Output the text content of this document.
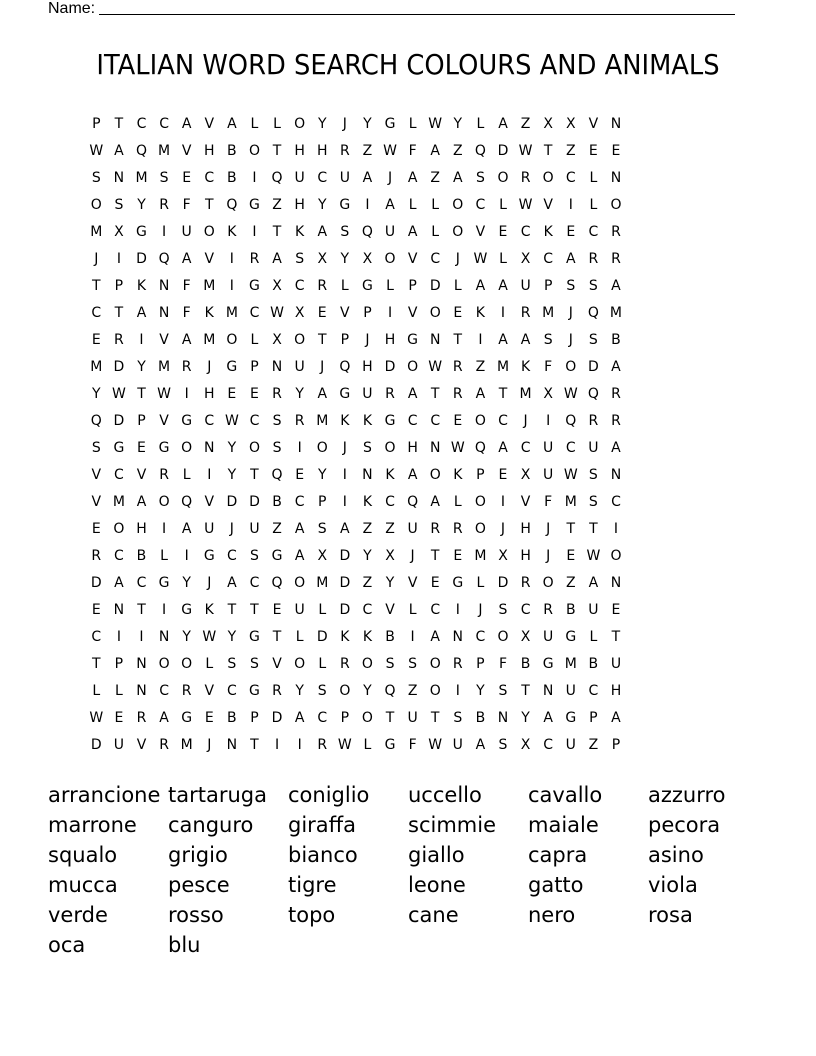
Name:
ITALIAN WORD SEARCH COLOURS AND ANIMALS
P	T C C A V A L	L O Y	J	Y G L W Y	L A Z X X V N
W A Q M V H B O T H H R Z W F A Z Q D W T Z E E
S N M S E C B	I	Q U C U A	J	A Z A S O R O C L N
O S Y R F	T Q G Z H Y G	I	A L	L O C L W V	I	L O
M X G	I	U O K	I	T K A S Q U A L O V E C K E C R
J	I	D Q A V	I	R A S X Y X O V C	J W L X C A R R
T	P K N F M	I	G X C R L G L	P D L A A U P S S A
C T A N F K M C W X E V P	I	V O E K	I	R M	J	Q M
E R	I	V A M O L X O T	P	J	H G N T	I	A A S	J	S B
M D Y M R	J	G P N U	J	Q H D O W R Z M K F O D A
Y W T W I	H E E R Y A G U R A T R A T M X W Q R
Q D P V G C W C S R M K K G C C E O C	J	I	Q R R
S G E G O N Y O S	I	O	J	S O H N W Q A C U C U A
V C V R L	I	Y	T Q E Y	I	N K A O K P E X U W S N
V M A O Q V D D B C P	I	K C Q A L O	I	V F M S C
E O H	I	A U	J	U Z A S A Z Z U R R O	J	H	J	T	T	I
R C B L	I	G C S G A X D Y X	J	T E M X H	J	E W O
D A C G Y	J	A C Q O M D Z Y V E G L D R O Z A N
E N T	I	G K T	T E U L D C V L C	I	J	S C R B U E
C	I	I	N Y W Y G T	L D K K B	I	A N C O X U G L	T
T	P N O O L	S S V O L R O S S O R P	F B G M B U
L	L N C R V C G R Y S O Y Q Z O	I	Y S T N U C H
W E R A G E B P D A C P O T U T S B N Y A G P A
D U V R M	J	N T	I	I	R W L G F W U A S X C U Z P
arrancione tartaruga	coniglio	uccello	cavallo	azzurro
marrone	canguro	giraffa	scimmie	maiale	pecora
squalo	grigio	bianco	giallo	capra	asino
mucca	pesce	tigre	leone	gatto	viola
verde	rosso	topo	cane	nero	rosa
oca	blu
